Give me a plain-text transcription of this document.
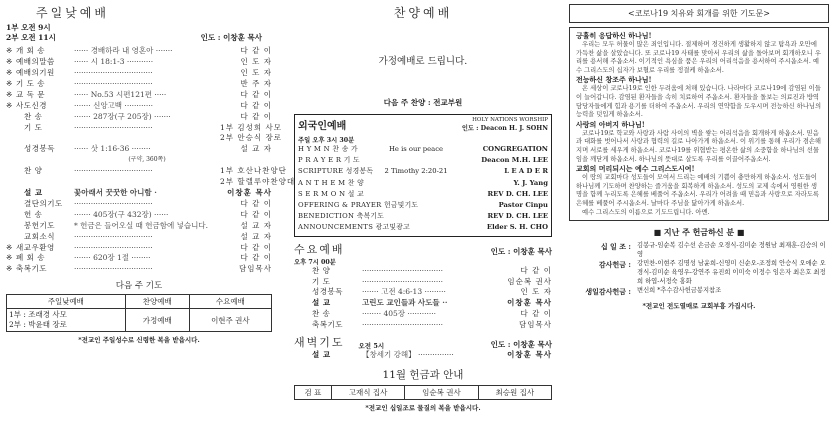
주일낮예배
1부 오전 9시
2부 오전 11시	인도 : 이창훈 목사
※ 개 회 송	······ 경배하라 내 영혼아 ·······	다 같 이
※ 예배의말씀	······ 시 18:1-3 ···········	인 도 자
※ 예배의기원	·································	인 도 자
※ 기 도 송	·································	반 주 자
※ 교 독 문	······ No.53 시편121편 ·····	다 같 이
※ 사도신경	······· 신앙고백 ············	다 같 이
찬 송	······· 287장(구 205장) ·······	다 같 이
기 도	·································	1부 김성희 사모
2부 안승식 장로
성경봉독	······ 삿 1:16-36 ········	설 교 자
(구약, 360쪽)
찬 양	·································	1부 호산나찬양단
2부 할렐루야찬양대
설 교	꽃아래서 꿋꿋한 아니함 ·	이창훈 목사
결단의기도	·································	다 같 이
헌 송	······· 405장(구 432장) ······	다 같 이
봉헌기도	* 헌금은 들어오실 때 헌금함에 넣습니다.	설 교 자
교회소식	·································	설 교 자
※ 새교우환영	·································	다 같 이
※ 폐 회 송	······· 620장 1절 ········	다 같 이
※ 축복기도	·································	담임목사
다음 주 기도
주일낮예배	찬양예배	수요예배

1부 : 조래경 사모
2부 : 박윤태 장로	가정예배	이현주 권사
*전교인 주일성수로 신령한 복을 받읍시다.
찬양예배
가정예배로 드립니다.
다음 주 찬양 : 전교부원
외국인예배
HOLY NATIONS WORSHIP
인도 : Deacon H. J. SOHN
주일 오후 3시 30분
H Y M N 찬 송 가	He is our peace	CONGREGATION
P R A Y E R 기 도	Deacon M.H. LEE
SCRIPTURE 성경봉독	2 Timothy 2:20-21	L E A D E R
A N T H E M 찬 양	Y. J. Yang
S E R M O N 설 교	REV D. CH. LEE
OFFERING & PRAYER 헌금및기도	Pastor Cinpu
BENEDICTION 축복기도	REV D. CH. LEE
ANNOUNCEMENTS 광고및광고	Elder S. H. CHO
수요예배	인도 : 이창훈 목사
오후 7시 00분
찬 양	··································	다 같 이
기 도	··································	임순복 권사
성경봉독	······· 고전 4:6-13 ·········	인 도 자
설 교	고린도 교인들과 사도들 ··	이창훈 목사
찬 송	········ 405장 ············	다 같 이
축복기도	··································	담임목사
새벽기도 오전 5시	인도 : 이창훈 목사
설 교	【창세기 강해】 ···············	이창훈 목사
11월 헌금과 안내
검 표	고재식 집사	임순복 권사	최승원 집사
*전교인 십일조로 물질의 복을 받읍시다.
<코로나19 치유와 회개를 위한 기도문>
긍휼히 응답하신 하나님!
우리는 모두 허물이 많은 죄인입니다. 절제하며 경건하게 생활하지 않고 탐욕과 오만에 가득찬 삶을 살았습니다. 또 코로나19 사태를 맞아서 우리의 삶을 돌아보며 회개하오니 우리를 용서해 주옵소서. 이기적인 욕심을 품은 우리의 어리석음을 용서하여 주시옵소서. 예수 그리스도의 십자가 보혈로 우리를 정결케 하옵소서.
전능하신 창조주 하나님!
온 세상이 코로나19로 인한 두려움에 처해 있습니다. 나라마다 코로나19에 감염된 이들이 늘어갑니다. 감염된 환자들을 속히 치료하여 주옵소서. 환자들을 돌보는 의료진과 방역 담당자들에게 힘과 용기를 더하여 주옵소서. 우리의 연약함을 도우시며 전능하신 하나님의 능력을 덧입게 하옵소서.
사랑의 아버지 하나님!
코로나19로 학교와 사랑과 사람 사이의 벽을 쌓는 어리석음을 회개하게 하옵소서. 믿음과 대화를 벗어나서 사랑과 협력의 길로 나아가게 하옵소서. 이 위기를 통해 우리가 겸손해지며 서로를 세우게 하옵소서. 코로나19를 위협받는 평온한 삶의 소중함을 하나님의 선물임을 깨닫게 하옵소서. 하나님의 뜻대로 살도록 우리를 이끌어주옵소서.
교회의 머리되시는 예수 그리스도시여!
이 땅의 교회마다 성도들이 모여서 드리는 예배의 기쁨이 충만하게 하옵소서. 성도들이 하나님께 기도하며 찬양하는 즐거움을 회복하게 하옵소서. 성도의 교제 속에서 영원한 생명을 함께 누리도록 은혜를 베풀어 주옵소서. 우리가 어려울 때 믿음과 사랑으로 자라도록 은혜를 베풀어 주시옵소서. 날마다 주님을 닮아가게 하옵소서.
예수 그리스도의 이름으로 기도드립니다. 아멘.
■ 지난 주 헌금하신 분 ■
십 일 조 : 김봉규-임순복 김수선 손금순 오경식-김미순 정원남 최재훈-김승의 이영
감사헌금 : 강민찬-이현주 김명성 남윤희-신영미 신순오-조정희 안승식 오애순 오경식-김미순 육영우-강연주 유진희 이미숙 이정수 임은자 최은호 최정희 하엽-서정숙 홍화
생일감사헌금 : 변신희 *추수감사헌금봉지참조
*전교인 전도열매로 교회부흥 가집시다.
